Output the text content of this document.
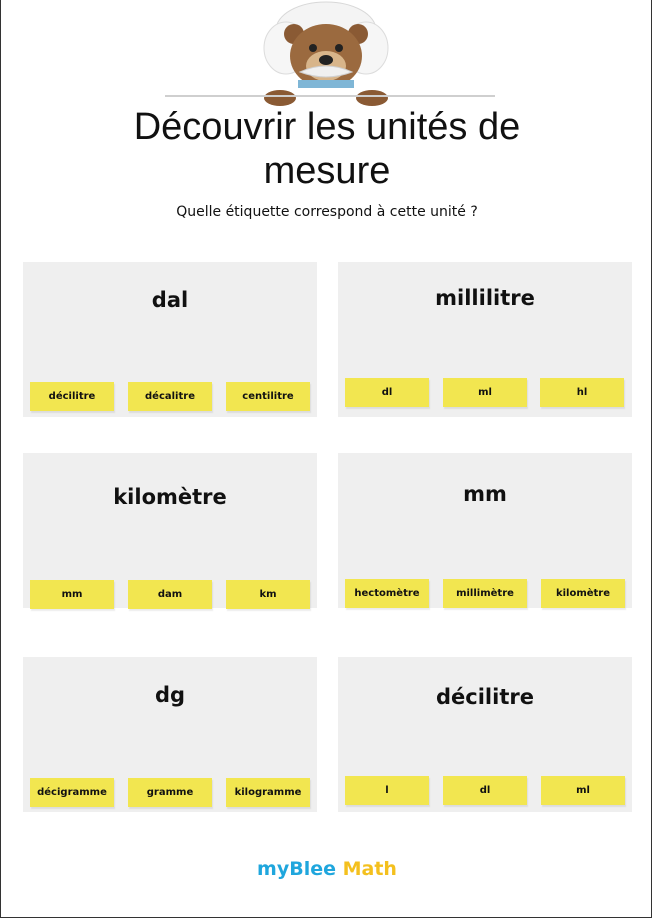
Découvrir les unités de
mesure
Quelle étiquette correspond à cette unité ?
dal
décilitre	décalitre	centilitre
millilitre
dl	ml	hl
kilomètre
mm	dam	km
mm
hectomètre	millimètre	kilomètre
dg
décigramme	gramme	kilogramme
décilitre
l	dl	ml
myBlee Math
